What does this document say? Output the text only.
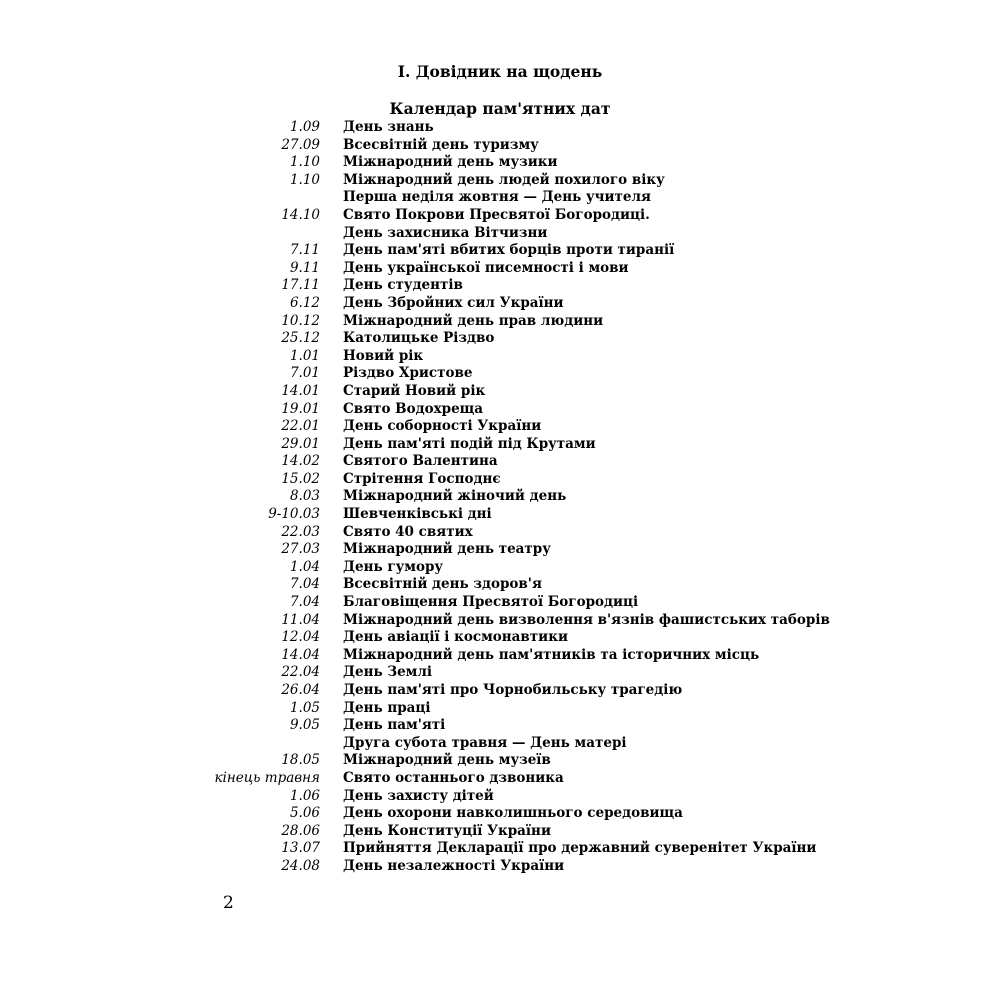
I. Довідник на щодень
Календар пам'ятних дат
1.09 День знань
27.09 Всесвітній день туризму
1.10 Міжнародний день музики
1.10 Міжнародний день людей похилого віку
Перша неділя жовтня — День учителя
14.10 Свято Покрови Пресвятої Богородиці.
День захисника Вітчизни
7.11 День пам'яті вбитих борців проти тиранії
9.11 День української писемності і мови
17.11 День студентів
6.12 День Збройних сил України
10.12 Міжнародний день прав людини
25.12 Католицьке Різдво
1.01 Новий рік
7.01 Різдво Христове
14.01 Старий Новий рік
19.01 Свято Водохреща
22.01 День соборності України
29.01 День пам'яті подій під Крутами
14.02 Святого Валентина
15.02 Стрітення Господнє
8.03 Міжнародний жіночий день
9-10.03 Шевченківські дні
22.03 Свято 40 святих
27.03 Міжнародний день театру
1.04 День гумору
7.04 Всесвітній день здоров'я
7.04 Благовіщення Пресвятої Богородиці
11.04 Міжнародний день визволення в'язнів фашистських таборів
12.04 День авіації і космонавтики
14.04 Міжнародний день пам'ятників та історичних місць
22.04 День Землі
26.04 День пам'яті про Чорнобильську трагедію
1.05 День праці
9.05 День пам'яті
Друга субота травня — День матері
18.05 Міжнародний день музеїв
кінець травня Свято останнього дзвоника
1.06 День захисту дітей
5.06 День охорони навколишнього середовища
28.06 День Конституції України
13.07 Прийняття Декларації про державний суверенітет України
24.08 День незалежності України
2
